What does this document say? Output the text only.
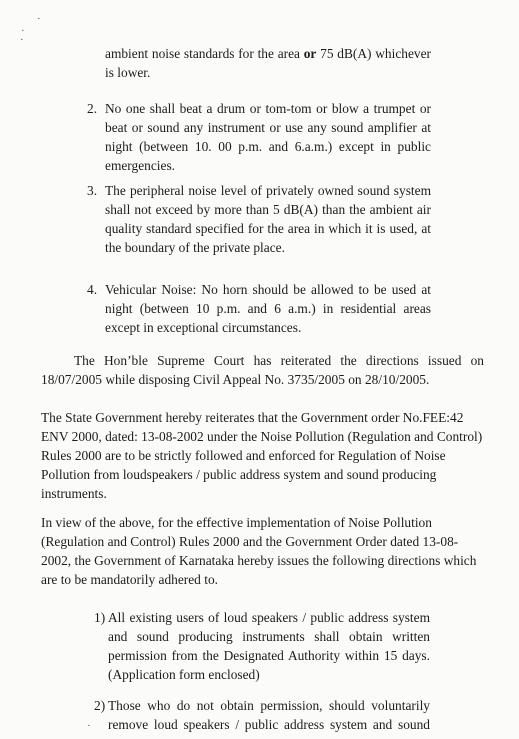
·
·
·
·
ambient noise standards for the area or 75 dB(A) whichever
is lower.
2. No one shall beat a drum or tom-tom or blow a trumpet or
beat or sound any instrument or use any sound amplifier at
night (between 10. 00 p.m. and 6.a.m.) except in public
emergencies.
3. The peripheral noise level of privately owned sound system
shall not exceed by more than 5 dB(A) than the ambient air
quality standard specified for the area in which it is used, at
the boundary of the private place.
4. Vehicular Noise: No horn should be allowed to be used at
night (between 10 p.m. and 6 a.m.) in residential areas
except in exceptional circumstances.
The Hon’ble Supreme Court has reiterated the directions issued on
18/07/2005 while disposing Civil Appeal No. 3735/2005 on 28/10/2005.
The State Government hereby reiterates that the Government order No.FEE:42
ENV 2000, dated: 13-08-2002 under the Noise Pollution (Regulation and Control)
Rules 2000 are to be strictly followed and enforced for Regulation of Noise
Pollution from loudspeakers / public address system and sound producing
instruments.
In view of the above, for the effective implementation of Noise Pollution
(Regulation and Control) Rules 2000 and the Government Order dated 13-08-
2002, the Government of Karnataka hereby issues the following directions which
are to be mandatorily adhered to.
1) All existing users of loud speakers / public address system
and sound producing instruments shall obtain written
permission from the Designated Authority within 15 days.
(Application form enclosed)
2) Those who do not obtain permission, should voluntarily
remove loud speakers / public address system and sound
